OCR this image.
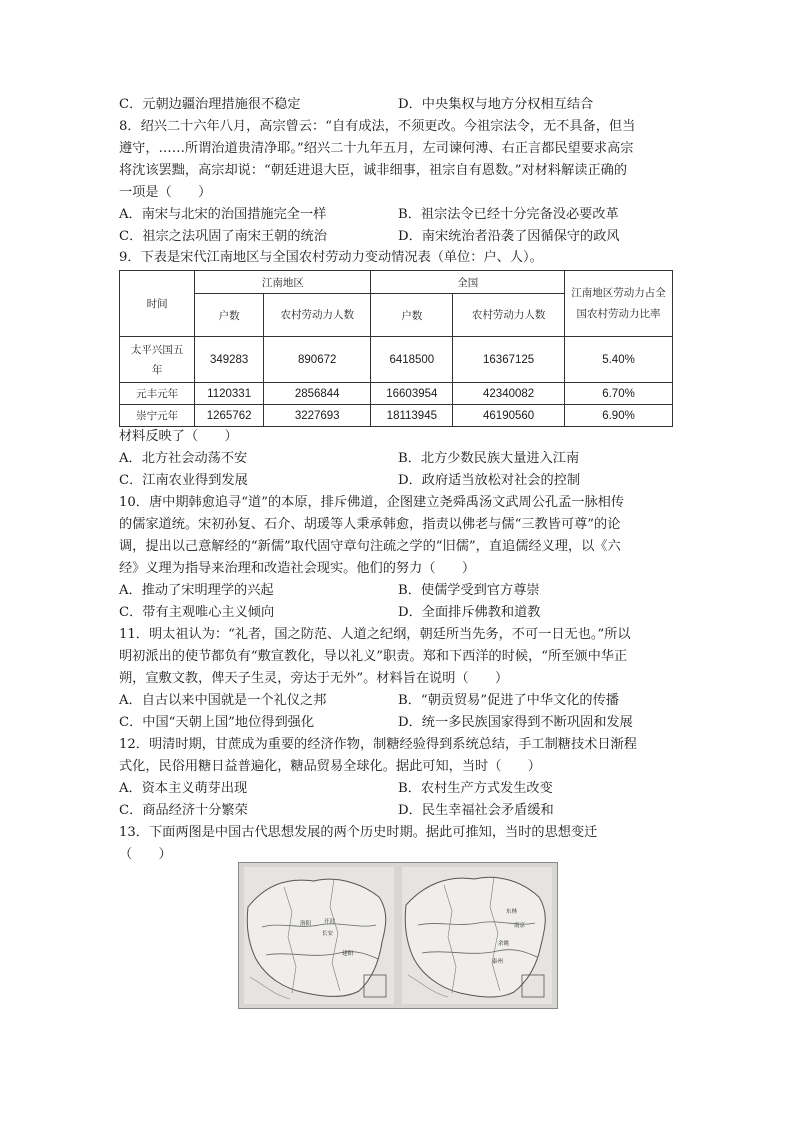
C．元朝边疆治理措施很不稳定	D．中央集权与地方分权相互结合
8．绍兴二十六年八月，高宗曾云：“自有成法，不须更改。今祖宗法令，无不具备，但当
遵守，……所谓治道贵清净耶。”绍兴二十九年五月，左司谏何溥、右正言都民望要求高宗
将沈该罢黜，高宗却说：“朝廷进退大臣，诚非细事，祖宗自有恩数。”对材料解读正确的
一项是（　　）
A．南宋与北宋的治国措施完全一样	B．祖宗法令已经十分完备没必要改革
C．祖宗之法巩固了南宋王朝的统治	D．南宋统治者沿袭了因循保守的政风
9．下表是宋代江南地区与全国农村劳动力变动情况表（单位：户、人）。
时间	江南地区		全国		江南地区劳动力占全国农村劳动力比率
	户数	农村劳动力人数	户数	农村劳动力人数	
太平兴国五年	349283	890672	6418500	16367125	5.40%
元丰元年	1120331	2856844	16603954	42340082	6.70%
崇宁元年	1265762	3227693	18113945	46190560	6.90%
材料反映了（　　）
A．北方社会动荡不安	B．北方少数民族大量进入江南
C．江南农业得到发展	D．政府适当放松对社会的控制
10．唐中期韩愈追寻“道”的本原，排斥佛道，企图建立尧舜禹汤文武周公孔孟一脉相传
的儒家道统。宋初孙复、石介、胡瑗等人秉承韩愈，指责以佛老与儒“三教皆可尊”的论
调，提出以己意解经的“新儒”取代固守章句注疏之学的“旧儒”，直追儒经义理，以《六
经》义理为指导来治理和改造社会现实。他们的努力（　　）
A．推动了宋明理学的兴起	B．使儒学受到官方尊崇
C．带有主观唯心主义倾向	D．全面排斥佛教和道教
11．明太祖认为：“礼者，国之防范、人道之纪纲，朝廷所当先务，不可一日无也。”所以
明初派出的使节都负有“敷宣教化，导以礼义”职责。郑和下西洋的时候，“所至颁中华正
朔，宣敷文教，俾天子生灵，旁达于无外”。材料旨在说明（　　）
A．自古以来中国就是一个礼仪之邦	B．“朝贡贸易”促进了中华文化的传播
C．中国“天朝上国”地位得到强化	D．统一多民族国家得到不断巩固和发展
12．明清时期，甘蔗成为重要的经济作物，制糖经验得到系统总结，手工制糖技术日渐程
式化，民俗用糖日益普遍化，糖品贸易全球化。据此可知，当时（　　）
A．资本主义萌芽出现	B．农村生产方式发生改变
C．商品经济十分繁荣	D．民生幸福社会矛盾缓和
13．下面两图是中国古代思想发展的两个历史时期。据此可推知，当时的思想变迁
（　　）
洛阳 开封
建阳
长安
南京
余姚
东林
泰州
